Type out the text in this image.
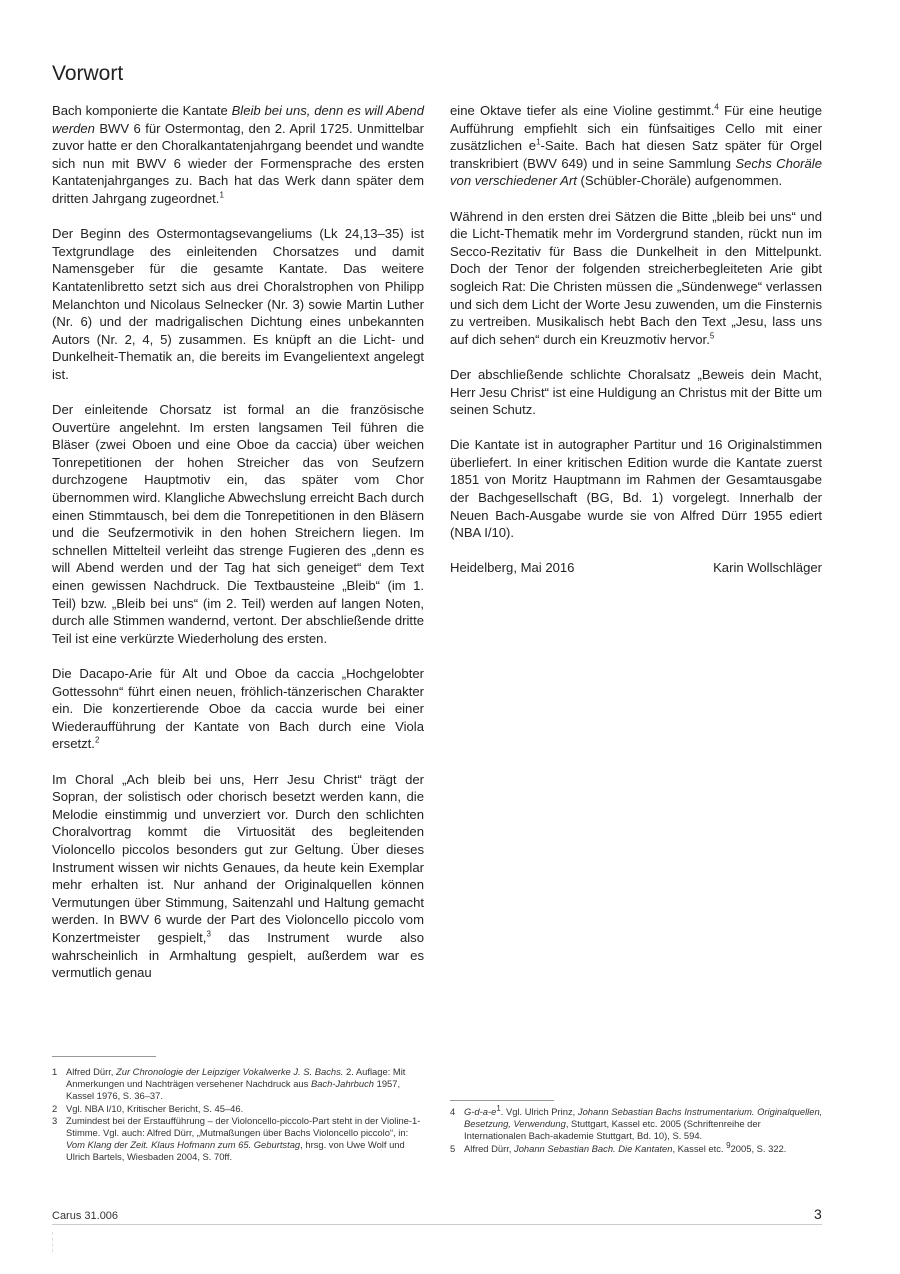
Vorwort

Bach komponierte die Kantate Bleib bei uns, denn es will Abend werden BWV 6 für Ostermontag, den 2. April 1725. Unmittelbar zuvor hatte er den Choralkantatenjahrgang beendet und wandte sich nun mit BWV 6 wieder der Formensprache des ersten Kantatenjahrganges zu. Bach hat das Werk dann später dem dritten Jahrgang zugeordnet.$^1$

Der Beginn des Ostermontagsevangeliums (Lk 24,13–35) ist Textgrundlage des einleitenden Chorsatzes und damit Namensgeber für die gesamte Kantate. Das weitere Kantatenlibretto setzt sich aus drei Choralstrophen von Philipp Melanchton und Nicolaus Selnecker (Nr. 3) sowie Martin Luther (Nr. 6) und der madrigalischen Dichtung eines unbekannten Autors (Nr. 2, 4, 5) zusammen. Es knüpft an die Licht- und Dunkelheit-Thematik an, die bereits im Evangelientext angelegt ist.

Der einleitende Chorsatz ist formal an die französische Ouvertüre angelehnt. Im ersten langsamen Teil führen die Bläser (zwei Oboen und eine Oboe da caccia) über weichen Tonrepetitionen der hohen Streicher das von Seufzern durchzogene Hauptmotiv ein, das später vom Chor übernommen wird. Klangliche Abwechslung erreicht Bach durch einen Stimmtausch, bei dem die Tonrepetitionen in den Bläsern und die Seufzermotivik in den hohen Streichern liegen. Im schnellen Mittelteil verleiht das strenge Fugieren des „denn es will Abend werden und der Tag hat sich geneiget“ dem Text einen gewissen Nachdruck. Die Textbausteine „Bleib“ (im 1. Teil) bzw. „Bleib bei uns“ (im 2. Teil) werden auf langen Noten, durch alle Stimmen wandernd, vertont. Der abschließende dritte Teil ist eine verkürzte Wiederholung des ersten.

Die Dacapo-Arie für Alt und Oboe da caccia „Hochgelobter Gottessohn“ führt einen neuen, fröhlich-tänzerischen Charakter ein. Die konzertierende Oboe da caccia wurde bei einer Wiederaufführung der Kantate von Bach durch eine Viola ersetzt.$^2$

Im Choral „Ach bleib bei uns, Herr Jesu Christ“ trägt der Sopran, der solistisch oder chorisch besetzt werden kann, die Melodie einstimmig und unverziert vor. Durch den schlichten Choralvortrag kommt die Virtuosität des begleitenden Violoncello piccolos besonders gut zur Geltung. Über dieses Instrument wissen wir nichts Genaues, da heute kein Exemplar mehr erhalten ist. Nur anhand der Originalquellen können Vermutungen über Stimmung, Saitenzahl und Haltung gemacht werden. In BWV 6 wurde der Part des Violoncello piccolo vom Konzertmeister gespielt,$^3$ das Instrument wurde also wahrscheinlich in Armhaltung gespielt, außerdem war es vermutlich genau

eine Oktave tiefer als eine Violine gestimmt.$^4$ Für eine heutige Aufführung empfiehlt sich ein fünfsaitiges Cello mit einer zusätzlichen $e^1$-Saite. Bach hat diesen Satz später für Orgel transkribiert (BWV 649) und in seine Sammlung Sechs Choräle von verschiedener Art (Schübler-Choräle) aufgenommen.

Während in den ersten drei Sätzen die Bitte „bleib bei uns“ und die Licht-Thematik mehr im Vordergrund standen, rückt nun im Secco-Rezitativ für Bass die Dunkelheit in den Mittelpunkt. Doch der Tenor der folgenden streicherbegleiteten Arie gibt sogleich Rat: Die Christen müssen die „Sündenwege“ verlassen und sich dem Licht der Worte Jesu zuwenden, um die Finsternis zu vertreiben. Musikalisch hebt Bach den Text „Jesu, lass uns auf dich sehen“ durch ein Kreuzmotiv hervor.$^5$

Der abschließende schlichte Choralsatz „Beweis dein Macht, Herr Jesu Christ“ ist eine Huldigung an Christus mit der Bitte um seinen Schutz.

Die Kantate ist in autographer Partitur und 16 Originalstimmen überliefert. In einer kritischen Edition wurde die Kantate zuerst 1851 von Moritz Hauptmann im Rahmen der Gesamtausgabe der Bachgesellschaft (BG, Bd. 1) vorgelegt. Innerhalb der Neuen Bach-Ausgabe wurde sie von Alfred Dürr 1955 ediert (NBA I/10).

Heidelberg, Mai 2016	Karin Wollschläger
1 Alfred Dürr, Zur Chronologie der Leipziger Vokalwerke J. S. Bachs. 2. Auflage: Mit Anmerkungen und Nachträgen versehener Nachdruck aus Bach-Jahrbuch 1957, Kassel 1976, S. 36–37.
2 Vgl. NBA I/10, Kritischer Bericht, S. 45–46.
3 Zumindest bei der Erstaufführung – der Violoncello-piccolo-Part steht in der Violine-1-Stimme. Vgl. auch: Alfred Dürr, „Mutmaßungen über Bachs Violoncello piccolo“, in: Vom Klang der Zeit. Klaus Hofmann zum 65. Geburtstag, hrsg. von Uwe Wolf und Ulrich Bartels, Wiesbaden 2004, S. 70ff.
4 $G-d-a-e^1$. Vgl. Ulrich Prinz, Johann Sebastian Bachs Instrumentarium. Originalquellen, Besetzung, Verwendung, Stuttgart, Kassel etc. 2005 (Schriftenreihe der Internationalen Bach-akademie Stuttgart, Bd. 10), S. 594.
5 Alfred Dürr, Johann Sebastian Bach. Die Kantaten, Kassel etc. $^9$2005, S. 322.
Carus 31.006	3
